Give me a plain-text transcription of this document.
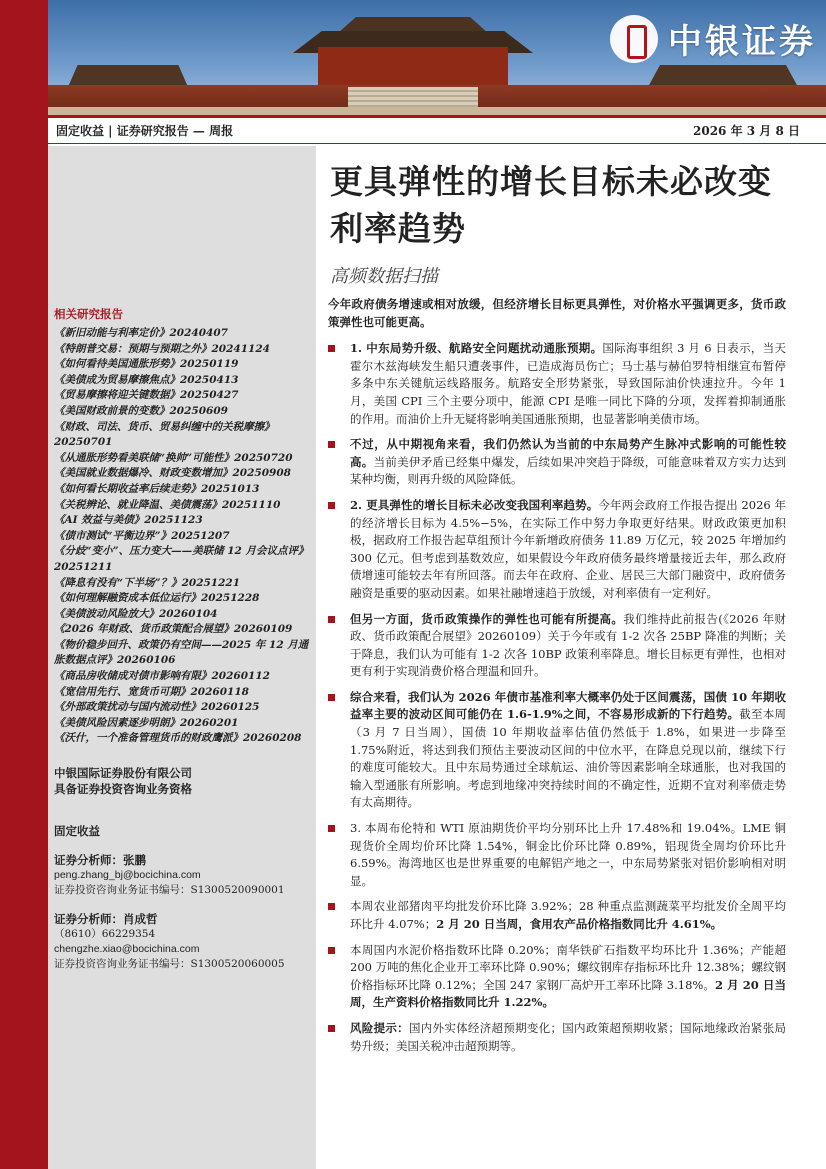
中银证券
固定收益 | 证券研究报告 — 周报	2026 年 3 月 8 日
更具弹性的增长目标未必改变利率趋势
高频数据扫描
相关研究报告
《新旧动能与利率定价》20240407
《特朗普交易：预期与预期之外》20241124
《如何看待美国通胀形势》20250119
《美债成为贸易摩擦焦点》20250413
《贸易摩擦将迎关键数据》20250427
《美国财政前景的变数》20250609
《财政、司法、货币、贸易纠缠中的关税摩擦》20250701
《从通胀形势看美联储“换帅”可能性》20250720
《美国就业数据爆冷、财政变数增加》20250908
《如何看长期收益率后续走势》20251013
《关税辨论、就业降温、美债震荡》20251110
《AI 效益与美债》20251123
《债市测试“平衡边界”》20251207
《分歧“变小”、压力变大——美联储 12 月会议点评》20251211
《降息有没有“下半场”？》20251221
《如何理解融资成本低位运行》20251228
《美债波动风险放大》20260104
《2026 年财政、货币政策配合展望》20260109
《物价稳步回升、政策仍有空间——2025 年 12 月通胀数据点评》20260106
《商品房收储成对债市影响有限》20260112
《宽信用先行、宽货币可期》20260118
《外部政策扰动与国内流动性》20260125
《美债风险因素逐步明朗》20260201
《沃什，一个准备管理货币的财政鹰派》20260208
中银国际证券股份有限公司
具备证券投资咨询业务资格
固定收益
证券分析师：张鹏
peng.zhang_bj@bocichina.com
证券投资咨询业务证书编号：S1300520090001
证券分析师：肖成哲
（8610）66229354
chengzhe.xiao@bocichina.com
证券投资咨询业务证书编号：S1300520060005
今年政府债务增速或相对放缓，但经济增长目标更具弹性，对价格水平强调更多，货币政策弹性也可能更高。
1. 中东局势升级、航路安全问题扰动通胀预期。国际海事组织 3 月 6 日表示，当天霍尔木兹海峡发生船只遭袭事件，已造成海员伤亡；马士基与赫伯罗特相继宣布暂停多条中东关键航运线路服务。航路安全形势紧张，导致国际油价快速拉升。今年 1 月，美国 CPI 三个主要分项中，能源 CPI 是唯一同比下降的分项，发挥着抑制通胀的作用。而油价上升无疑将影响美国通胀预期，也显著影响美债市场。
不过，从中期视角来看，我们仍然认为当前的中东局势产生脉冲式影响的可能性较高。当前美伊矛盾已经集中爆发，后续如果冲突趋于降级，可能意味着双方实力达到某种均衡，则再升级的风险降低。
2. 更具弹性的增长目标未必改变我国利率趋势。今年两会政府工作报告提出 2026 年的经济增长目标为 4.5%−5%，在实际工作中努力争取更好结果。财政政策更加积极，据政府工作报告起草组预计今年新增政府债务 11.89 万亿元，较 2025 年增加约 300 亿元。但考虑到基数效应，如果假设今年政府债务最终增量接近去年，那么政府债增速可能较去年有所回落。而去年在政府、企业、居民三大部门融资中，政府债务融资是重要的驱动因素。如果社融增速趋于放缓，对利率债有一定利好。
但另一方面，货币政策操作的弹性也可能有所提高。我们维持此前报告(《2026 年财政、货币政策配合展望》20260109）关于今年或有 1-2 次各 25BP 降准的判断；关于降息，我们认为可能有 1-2 次各 10BP 政策利率降息。增长目标更有弹性，也相对更有利于实现消费价格合理温和回升。
综合来看，我们认为 2026 年债市基准利率大概率仍处于区间震荡，国债 10 年期收益率主要的波动区间可能仍在 1.6-1.9%之间，不容易形成新的下行趋势。截至本周（3 月 7 日当周），国债 10 年期收益率估值仍然低于 1.8%，如果进一步降至 1.75%附近，将达到我们预估主要波动区间的中位水平，在降息兑现以前，继续下行的难度可能较大。且中东局势通过全球航运、油价等因素影响全球通胀，也对我国的输入型通胀有所影响。考虑到地缘冲突持续时间的不确定性，近期不宜对利率债走势有太高期待。
3. 本周布伦特和 WTI 原油期货价平均分别环比上升 17.48%和 19.04%。LME 铜现货价全周均价环比降 1.54%，铜金比价环比降 0.89%，铝现货全周均价环比升 6.59%。海湾地区也是世界重要的电解铝产地之一，中东局势紧张对铝价影响相对明显。
本周农业部猪肉平均批发价环比降 3.92%；28 种重点监测蔬菜平均批发价全周平均环比升 4.07%；2 月 20 日当周，食用农产品价格指数同比升 4.61%。
本周国内水泥价格指数环比降 0.20%；南华铁矿石指数平均环比升 1.36%；产能超 200 万吨的焦化企业开工率环比降 0.90%；螺纹钢库存指标环比升 12.38%；螺纹钢价格指标环比降 0.12%；全国 247 家钢厂高炉开工率环比降 3.18%。2 月 20 日当周，生产资料价格指数同比升 1.22%。
风险提示：国内外实体经济超预期变化；国内政策超预期收紧；国际地缘政治紧张局势升级；美国关税冲击超预期等。
